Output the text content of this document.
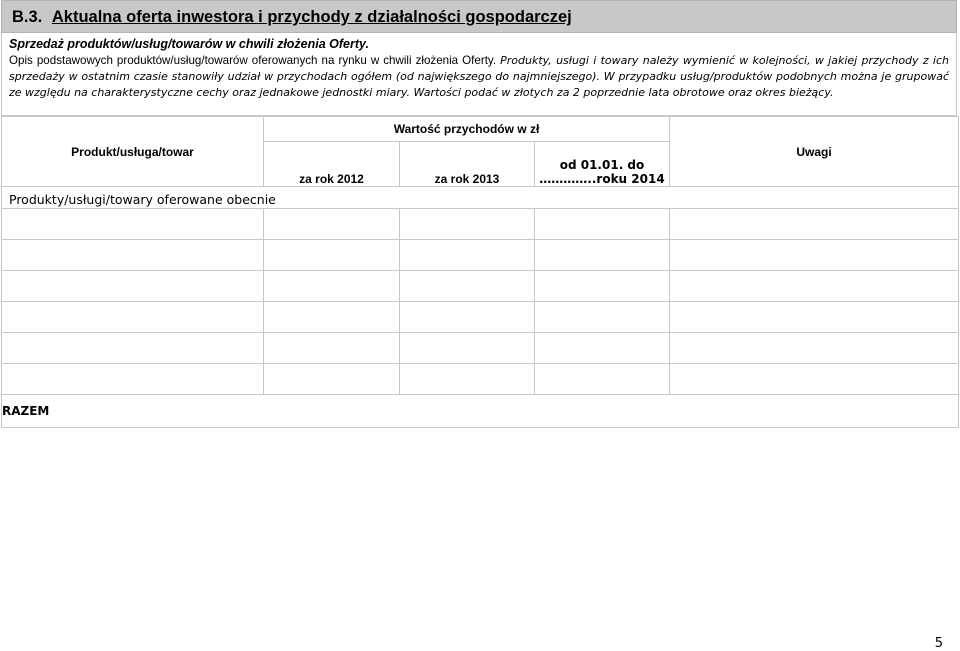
B.3. Aktualna oferta inwestora i przychody z działalności gospodarczej
Sprzedaż produktów/usług/towarów w chwili złożenia Oferty.
Opis podstawowych produktów/usług/towarów oferowanych na rynku w chwili złożenia Oferty. Produkty, usługi i towary należy wymienić w kolejności, w jakiej przychody z ich sprzedaży w ostatnim czasie stanowiły udział w przychodach ogółem (od największego do najmniejszego). W przypadku usług/produktów podobnych można je grupować ze względu na charakterystyczne cechy oraz jednakowe jednostki miary. Wartości podać w złotych za 2 poprzednie lata obrotowe oraz okres bieżący.
Produkt/usługa/towar	Wartość przychodów w zł			Uwagi
	za rok 2012	za rok 2013	od 01.01. do
…………..roku 2014	

Produkty/usługi/towary oferowane obecnie				

RAZEM				
5
